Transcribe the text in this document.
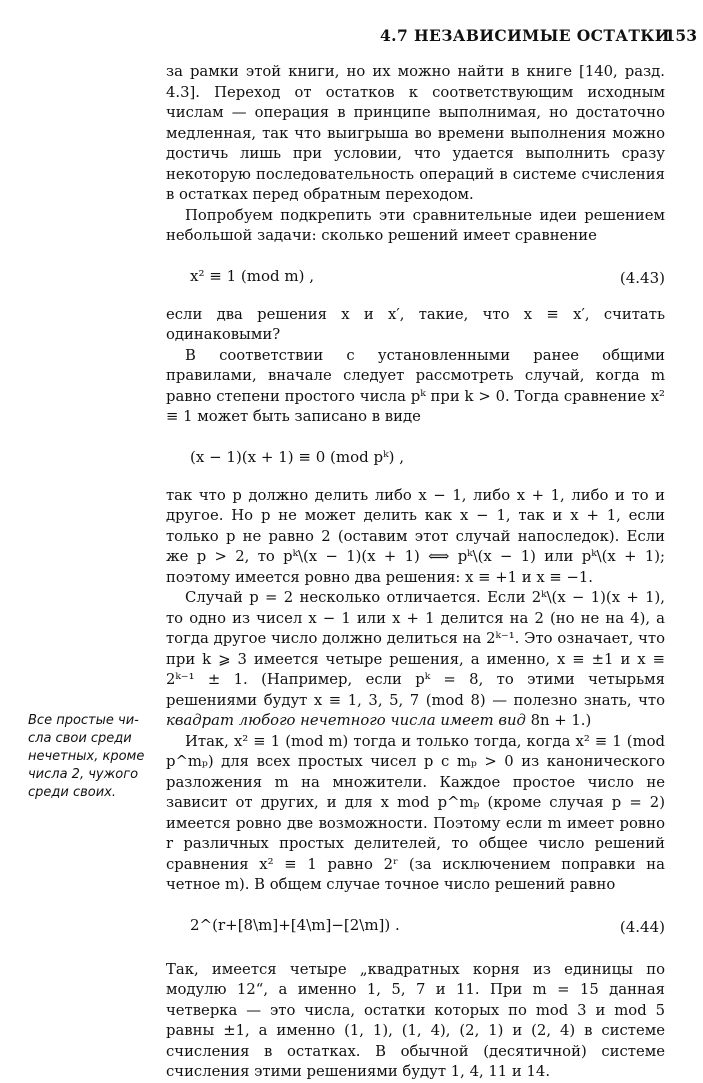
4.7 НЕЗАВИСИМЫЕ ОСТАТКИ
153

за рамки этой книги, но их можно найти в книге [140, разд. 4.3]. Переход от остатков к соответствующим исходным числам — операция в принципе выполнимая, но достаточно медленная, так что выигрыша во времени выполнения можно достичь лишь при условии, что удается выполнить сразу некоторую последовательность операций в системе счисления в остатках перед обратным переходом.

Попробуем подкрепить эти сравнительные идеи решением небольшой задачи: сколько решений имеет сравнение

x² ≡ 1 (mod m) ,	(4.43)

если два решения x и x′, такие, что x ≡ x′, считать одинаковыми?

В соответствии с установленными ранее общими правилами, вначале следует рассмотреть случай, когда m равно степени простого числа pᵏ при k > 0. Тогда сравнение x² ≡ 1 может быть записано в виде

(x − 1)(x + 1) ≡ 0 (mod pᵏ) ,

так что p должно делить либо x − 1, либо x + 1, либо и то и другое. Но p не может делить как x − 1, так и x + 1, если только p не равно 2 (оставим этот случай напоследок). Если же p > 2, то pᵏ\(x − 1)(x + 1) ⟺ pᵏ\(x − 1) или pᵏ\(x + 1); поэтому имеется ровно два решения: x ≡ +1 и x ≡ −1.

Случай p = 2 несколько отличается. Если 2ᵏ\(x − 1)(x + 1), то одно из чисел x − 1 или x + 1 делится на 2 (но не на 4), а тогда другое число должно делиться на 2ᵏ⁻¹. Это означает, что при k ⩾ 3 имеется четыре решения, а именно, x ≡ ±1 и x ≡ 2ᵏ⁻¹ ± 1. (Например, если pᵏ = 8, то этими четырьмя решениями будут x ≡ 1, 3, 5, 7 (mod 8) — полезно знать, что квадрат любого нечетного числа имеет вид 8n + 1.)

Итак, x² ≡ 1 (mod m) тогда и только тогда, когда x² ≡ 1 (mod p^mₚ) для всех простых чисел p с mₚ > 0 из канонического разложения m на множители. Каждое простое число не зависит от других, и для x mod p^mₚ (кроме случая p = 2) имеется ровно две возможности. Поэтому если m имеет ровно r различных простых делителей, то общее число решений сравнения x² ≡ 1 равно 2ʳ (за исключением поправки на четное m). В общем случае точное число решений равно

2^(r+[8\m]+[4\m]−[2\m]) .	(4.44)

Так, имеется четыре „квадратных корня из единицы по модулю 12“, а именно 1, 5, 7 и 11. При m = 15 данная четверка — это числа, остатки которых по mod 3 и mod 5 равны ±1, а именно (1, 1), (1, 4), (2, 1) и (2, 4) в системе счисления в остатках. В обычной (десятичной) системе счисления этими решениями будут 1, 4, 11 и 14.

Все простые чи-
сла свои среди
нечетных, кроме
числа 2, чужого
среди своих.
